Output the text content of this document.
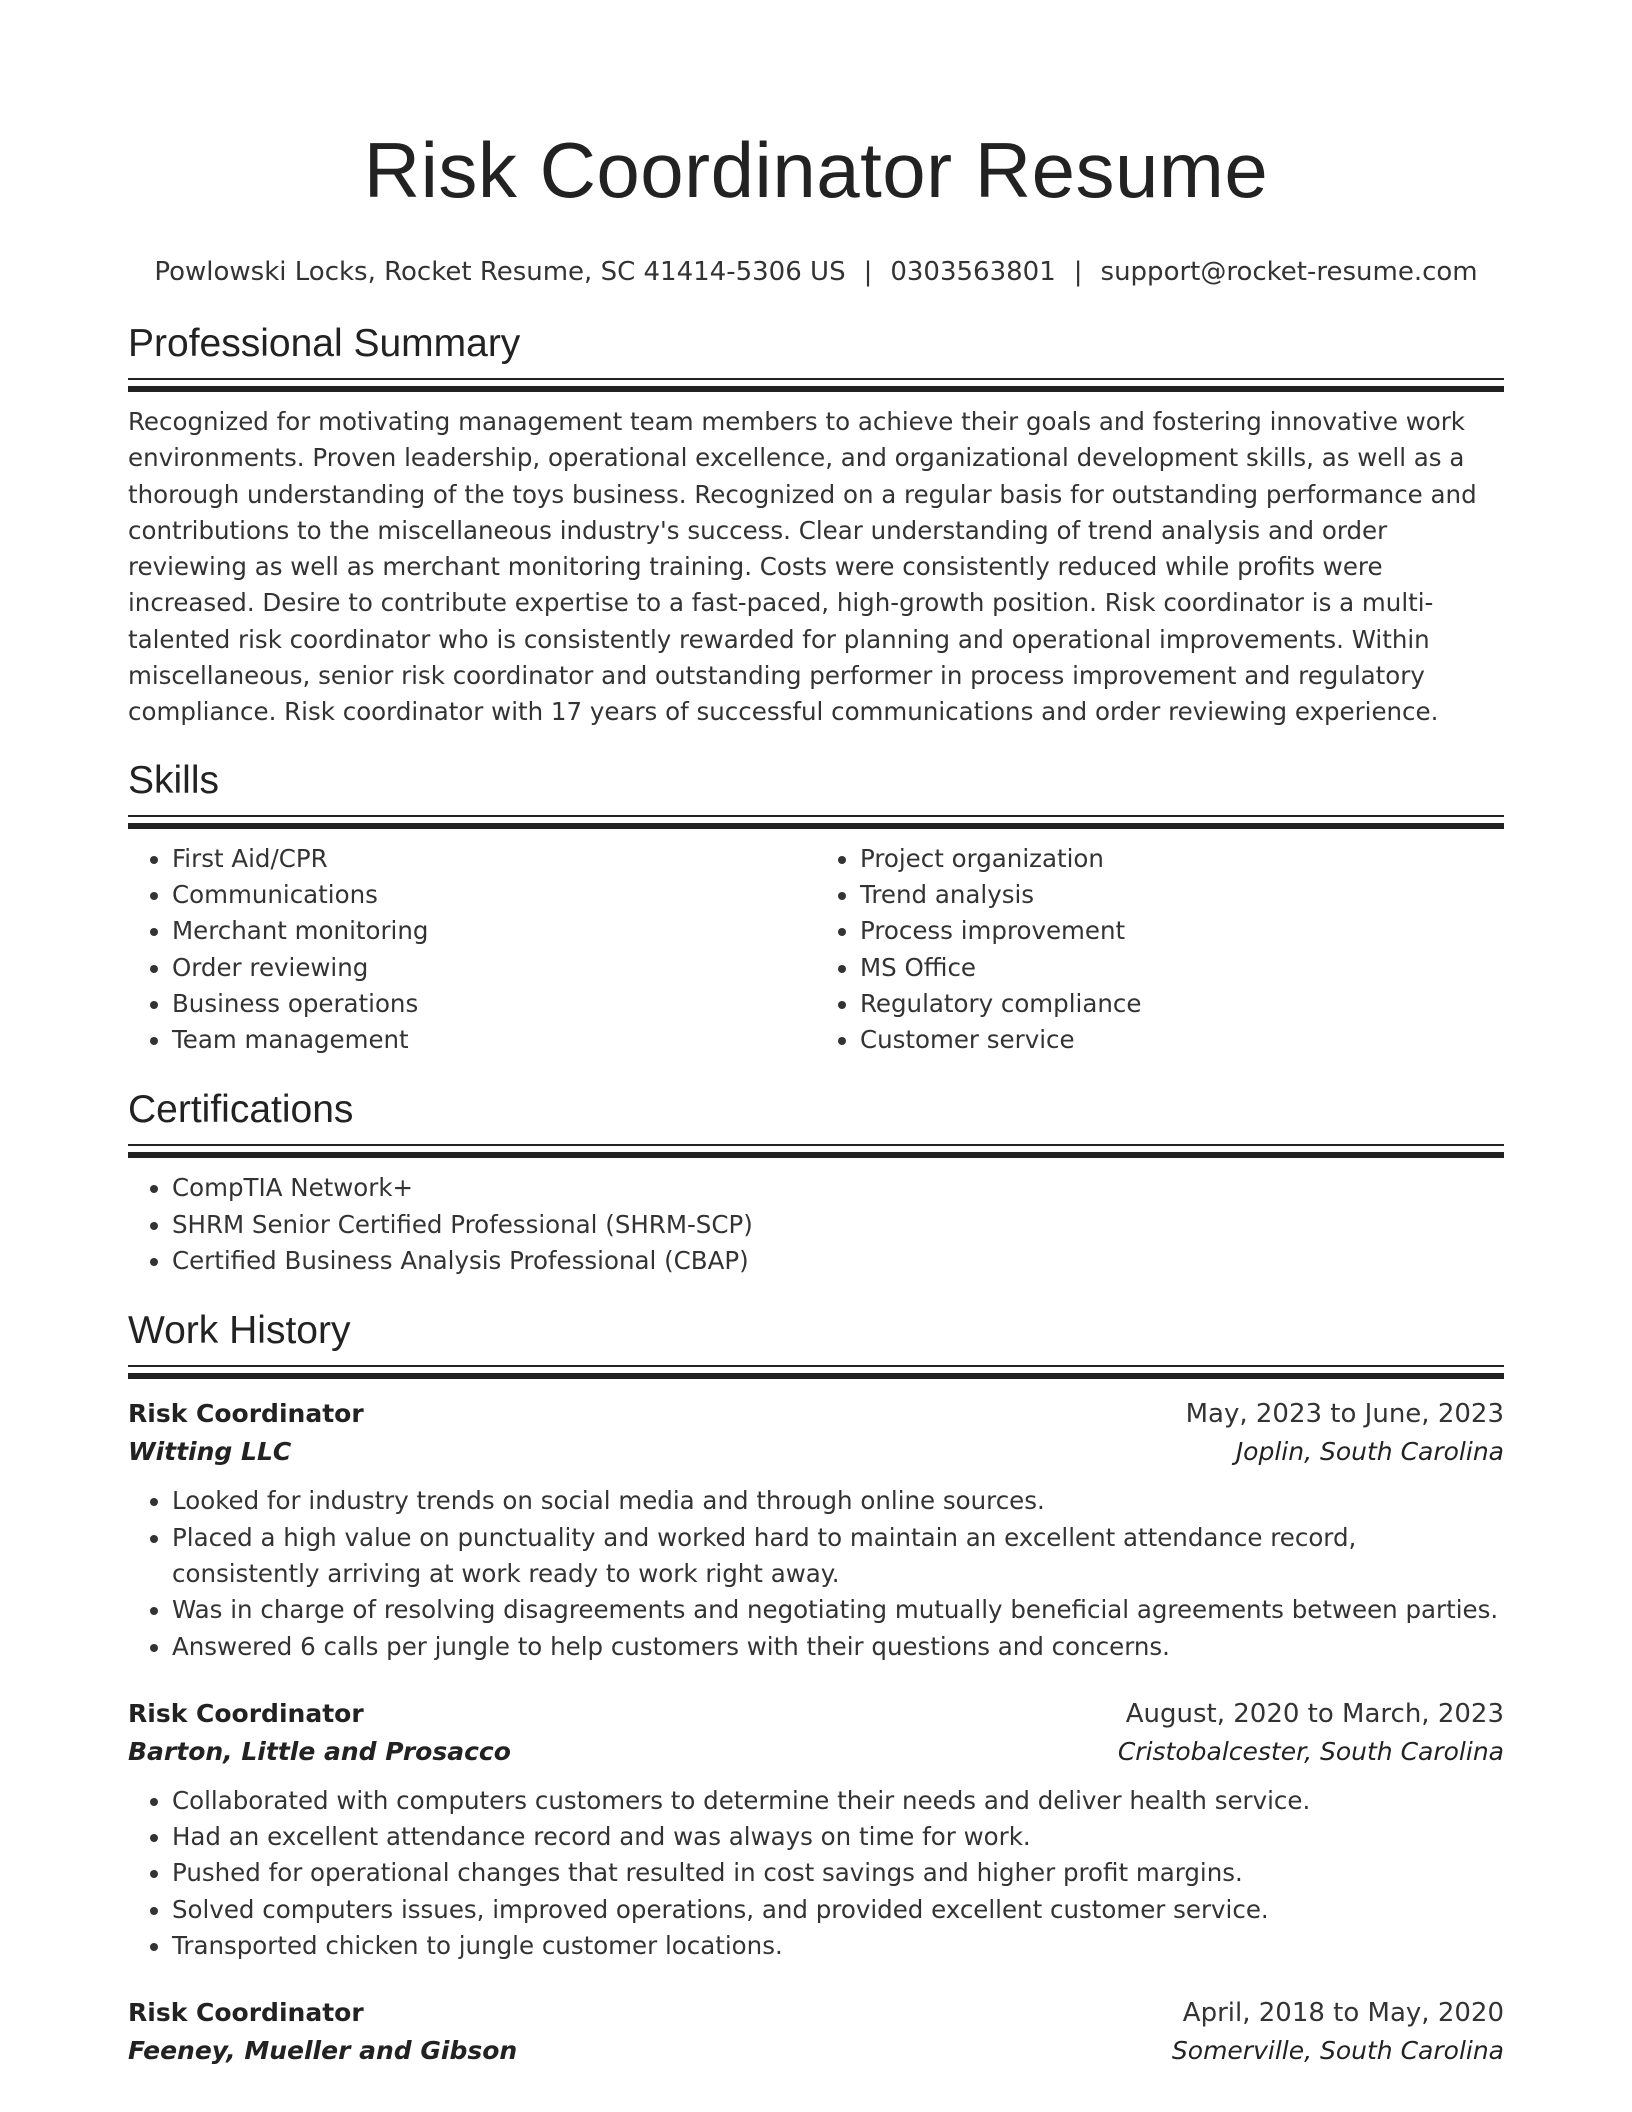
Risk Coordinator Resume
Powlowski Locks, Rocket Resume, SC 41414-5306 US | 0303563801 | support@rocket-resume.com
Professional Summary

Recognized for motivating management team members to achieve their goals and fostering innovative work environments. Proven leadership, operational excellence, and organizational development skills, as well as a thorough understanding of the toys business. Recognized on a regular basis for outstanding performance and contributions to the miscellaneous industry's success. Clear understanding of trend analysis and order reviewing as well as merchant monitoring training. Costs were consistently reduced while profits were increased. Desire to contribute expertise to a fast-paced, high-growth position. Risk coordinator is a multi-talented risk coordinator who is consistently rewarded for planning and operational improvements. Within miscellaneous, senior risk coordinator and outstanding performer in process improvement and regulatory compliance. Risk coordinator with 17 years of successful communications and order reviewing experience.

Skills
• First Aid/CPR
• Communications
• Merchant monitoring
• Order reviewing
• Business operations
• Team management
• Project organization
• Trend analysis
• Process improvement
• MS Office
• Regulatory compliance
• Customer service
Certifications
• CompTIA Network+
• SHRM Senior Certified Professional (SHRM-SCP)
• Certified Business Analysis Professional (CBAP)
Work History
Risk Coordinator	May, 2023 to June, 2023
Witting LLC	Joplin, South Carolina
• Looked for industry trends on social media and through online sources.
• Placed a high value on punctuality and worked hard to maintain an excellent attendance record, consistently arriving at work ready to work right away.
• Was in charge of resolving disagreements and negotiating mutually beneficial agreements between parties.
• Answered 6 calls per jungle to help customers with their questions and concerns.
Risk Coordinator	August, 2020 to March, 2023
Barton, Little and Prosacco	Cristobalcester, South Carolina
• Collaborated with computers customers to determine their needs and deliver health service.
• Had an excellent attendance record and was always on time for work.
• Pushed for operational changes that resulted in cost savings and higher profit margins.
• Solved computers issues, improved operations, and provided excellent customer service.
• Transported chicken to jungle customer locations.
Risk Coordinator	April, 2018 to May, 2020
Feeney, Mueller and Gibson	Somerville, South Carolina
